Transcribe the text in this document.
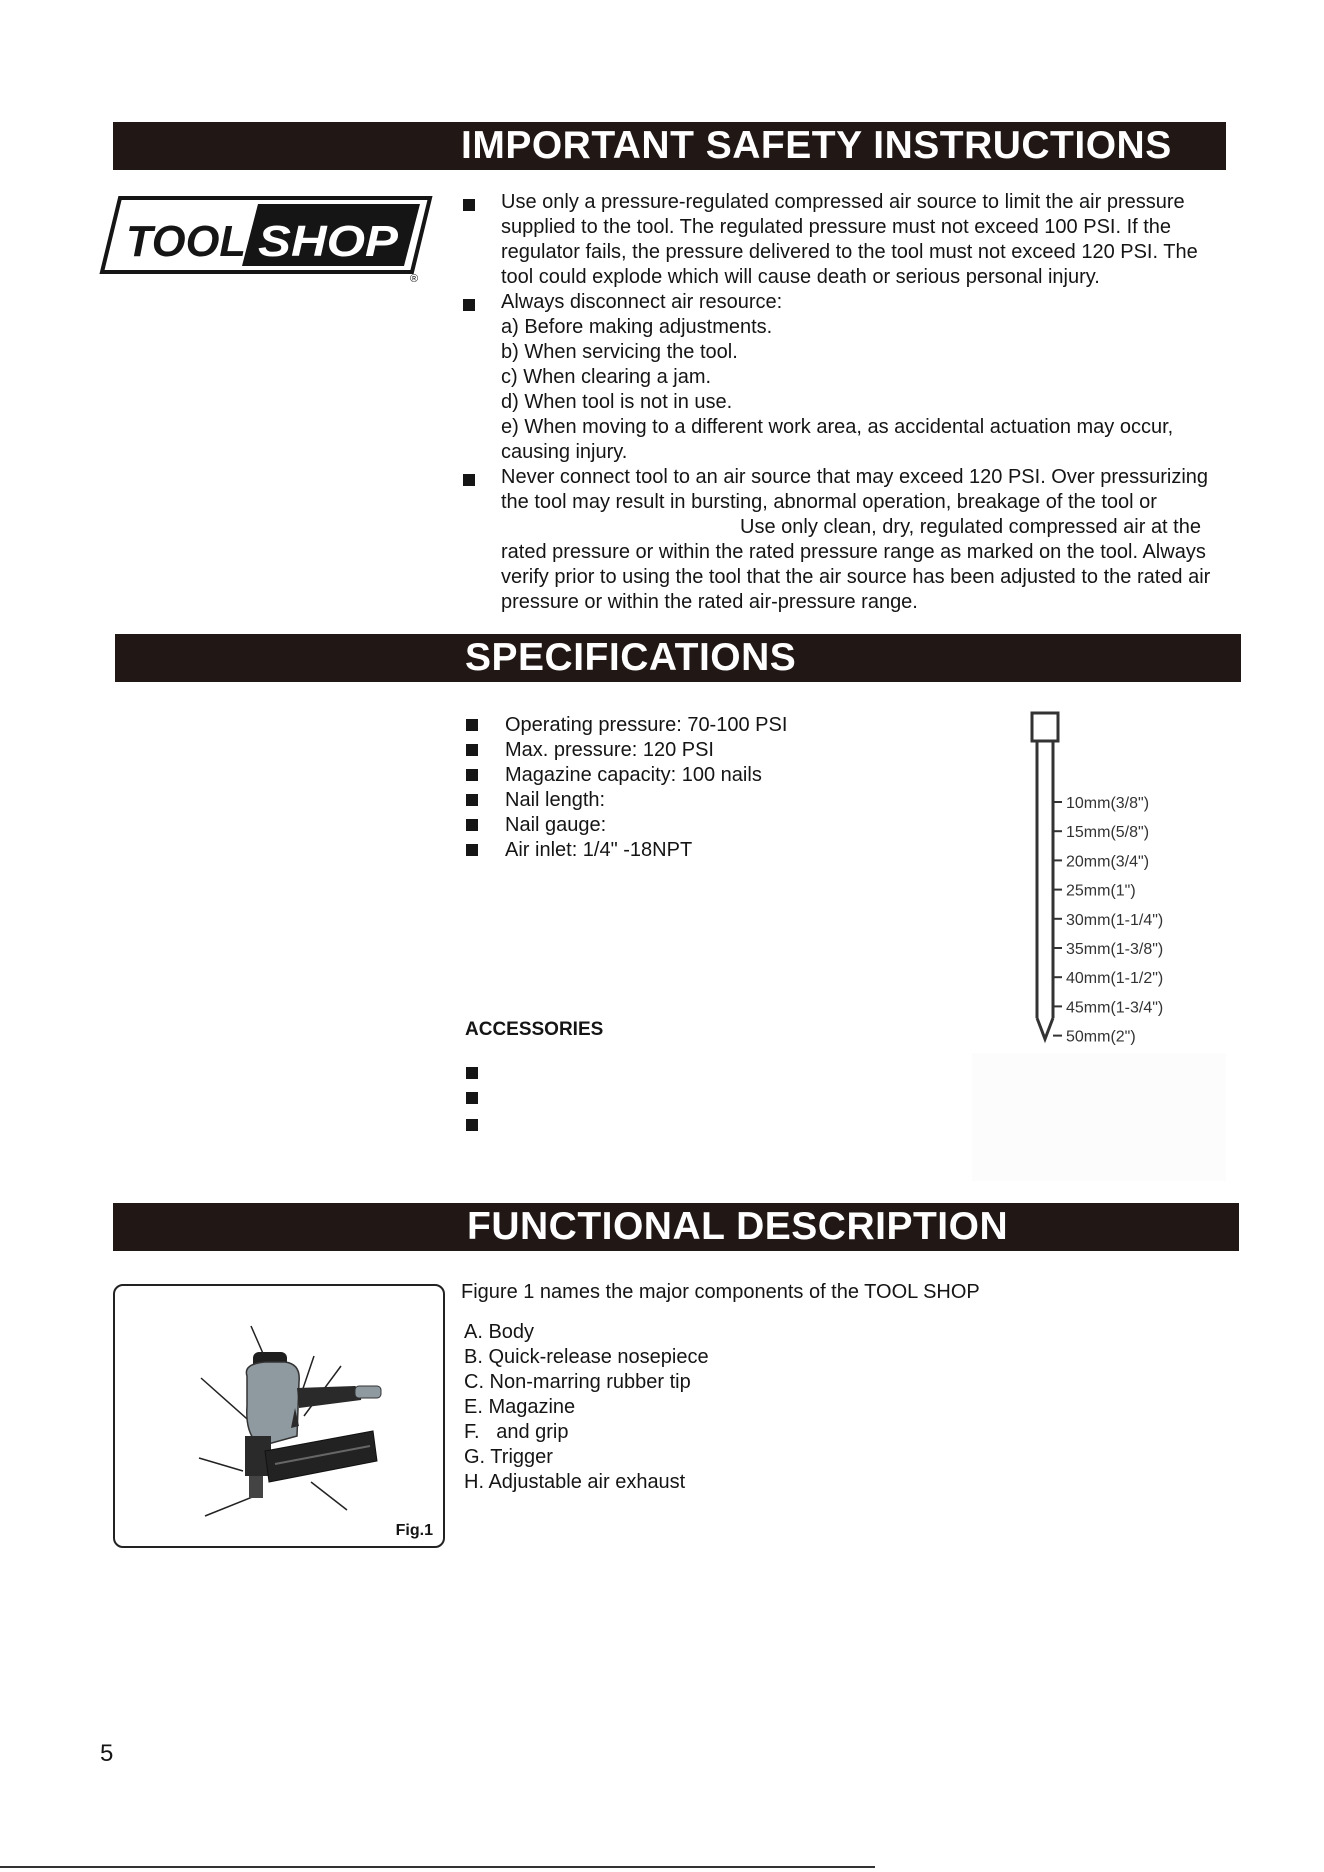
IMPORTANT SAFETY INSTRUCTIONS
TOOL SHOP
®
Use only a pressure-regulated compressed air source to limit the air pressure
supplied to the tool. The regulated pressure must not exceed 100 PSI. If the
regulator fails, the pressure delivered to the tool must not exceed 120 PSI. The
tool could explode which will cause death or serious personal injury.
Always disconnect air resource:
a) Before making adjustments.
b) When servicing the tool.
c) When clearing a jam.
d) When tool is not in use.
e) When moving to a different work area, as accidental actuation may occur,
causing injury.
Never connect tool to an air source that may exceed 120 PSI. Over pressurizing
the tool may result in bursting, abnormal operation, breakage of the tool or
Use only clean, dry, regulated compressed air at the
rated pressure or within the rated pressure range as marked on the tool. Always
verify prior to using the tool that the air source has been adjusted to the rated air
pressure or within the rated air-pressure range.
SPECIFICATIONS
Operating pressure: 70-100 PSI
Max. pressure: 120 PSI
Magazine capacity: 100 nails
Nail length:
Nail gauge:
Air inlet: 1/4" -18NPT
10mm(3/8")
15mm(5/8")
20mm(3/4")
25mm(1")
30mm(1-1/4")
35mm(1-3/8")
40mm(1-1/2")
45mm(1-3/4")
50mm(2")
ACCESSORIES
FUNCTIONAL DESCRIPTION
Fig.1
Figure 1 names the major components of the TOOL SHOP
A. Body
B. Quick-release nosepiece
C. Non-marring rubber tip
E. Magazine
F.   and grip
G. Trigger
H. Adjustable air exhaust
5
